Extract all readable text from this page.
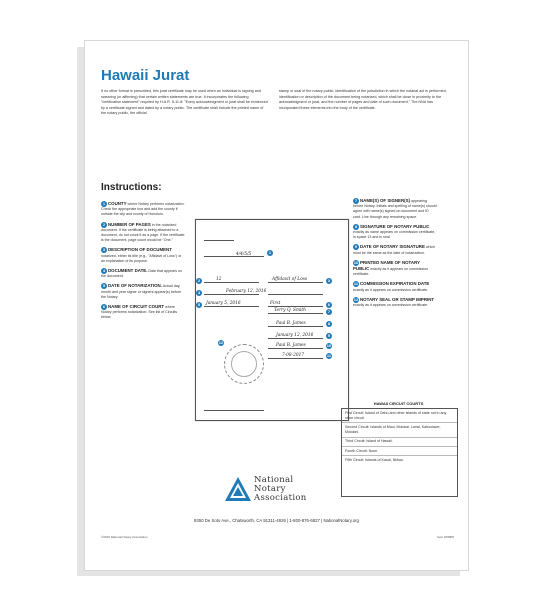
Hawaii Jurat
If no other format is prescribed, this jurat certificate may be used when an individual is signing and swearing (or affirming) that certain written statements are true. It incorporates the following "certification statement" required by H.A.R. 5-11-8: "Every acknowledgment or jurat shall be evidenced by a certificate signed and dated by a notary public. The certificate shall include the printed name of the notary public, the official
stamp or seal of the notary public, identification of the jurisdiction in which the notarial act is performed, identification or description of the document being notarized, which shall be close in proximity to the acknowledgment or jurat, and the number of pages and date of such document." The NNA has incorporated these elements into the body of the certificate.
Instructions:
1 COUNTY where Notary performs notarization. Check the appropriate box and add the county if outside the city and county of Honolulu.
2 NUMBER OF PAGES in the notarized document. If the certificate is being attached to a document, do not count it as a page. If the certificate is the document, page count would be "One."
3 DESCRIPTION OF DOCUMENT notarized, either its title (e.g., "Affidavit of Loss") or an explanation of its purpose.
4 DOCUMENT DATE. Date that appears on the document.
5 DATE OF NOTARIZATION. Actual day, month and year signer or signers appear(s) before the Notary.
6 NAME OF CIRCUIT COURT where Notary performs notarization. See list of Circuits below.
7 NAME(S) OF SIGNER(S) appearing before Notary. Initials and spelling of name(s) should agree with name(s) signed on document and ID card. Line through any remaining space.
8 SIGNATURE OF NOTARY PUBLIC exactly as name appears on commission certificate, in space 13 and in seal.
9 DATE OF NOTARY SIGNATURE which must be the same as the date of notarization.
10 PRINTED NAME OF NOTARY PUBLIC exactly as it appears on commission certificate.
11 COMMISSION EXPIRATION DATE exactly as it appears on commission certificate.
12 NOTARY SEAL OR STAMP IMPRINT exactly as it appears on commission certificate.
4/4/5/5	1
12	Affidavit of Loss
2	3
February 12, 2016
4
January 5, 2016	First
5	6
Terry Q. Smith	7
Paul B. James	8
January 12, 2016	9
Paul B. James	10
7-08-2017	11
12
HAWAII CIRCUIT COURTS
First Circuit: Island of Oahu and other islands of state not in any other circuit.
Second Circuit: Islands of Maui, Molokai, Lanai, Kahoolawe, Molokini.
Third Circuit: Island of Hawaii.
Fourth Circuit: None.
Fifth Circuit: Islands of Kauai, Niihau.
National
Notary
Association
9350 De Soto Ave., Chatsworth, CA 91311-4926 | 1-800-876-6827 | NationalNotary.org
©2016 National Notary Association	Item #15805
